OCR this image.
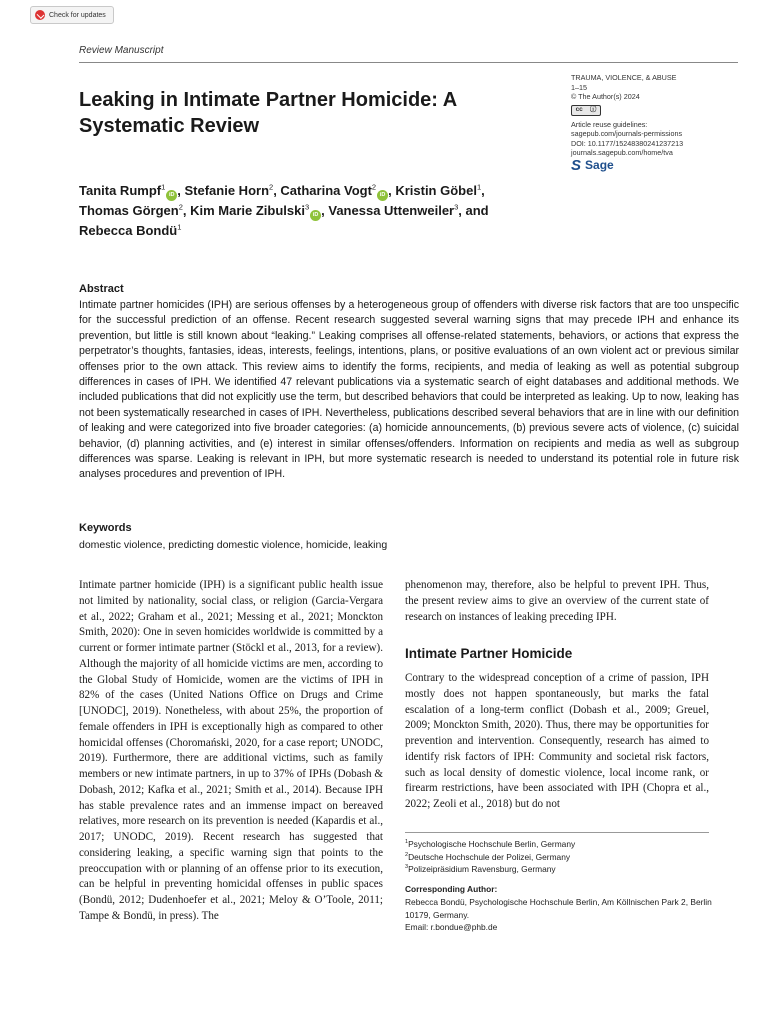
Check for updates
Review Manuscript
Leaking in Intimate Partner Homicide: A Systematic Review
TRAUMA, VIOLENCE, & ABUSE
1–15
© The Author(s) 2024
cc ⓘ
Article reuse guidelines:
sagepub.com/journals-permissions
DOI: 10.1177/15248380241237213
journals.sagepub.com/home/tva
S Sage
Tanita Rumpf$^1$iD , Stefanie Horn$^2$, Catharina Vogt$^2$iD , Kristin Göbel$^1$, Thomas Görgen$^2$, Kim Marie Zibulski$^3$iD , Vanessa Uttenweiler$^3$, and Rebecca Bondü$^1$
Abstract

Intimate partner homicides (IPH) are serious offenses by a heterogeneous group of offenders with diverse risk factors that are too unspecific for the successful prediction of an offense. Recent research suggested several warning signs that may precede IPH and enhance its prevention, but little is still known about “leaking.” Leaking comprises all offense-related statements, behaviors, or actions that express the perpetrator’s thoughts, fantasies, ideas, interests, feelings, intentions, plans, or positive evaluations of an own violent act or previous similar offenses prior to the own attack. This review aims to identify the forms, recipients, and media of leaking as well as potential subgroup differences in cases of IPH. We identified 47 relevant publications via a systematic search of eight databases and additional methods. We included publications that did not explicitly use the term, but described behaviors that could be interpreted as leaking. Up to now, leaking has not been systematically researched in cases of IPH. Nevertheless, publications described several behaviors that are in line with our definition of leaking and were categorized into five broader categories: (a) homicide announcements, (b) previous severe acts of violence, (c) suicidal behavior, (d) planning activities, and (e) interest in similar offenses/offenders. Information on recipients and media as well as subgroup differences was sparse. Leaking is relevant in IPH, but more systematic research is needed to understand its potential role in future risk analyses procedures and prevention of IPH.

Keywords
domestic violence, predicting domestic violence, homicide, leaking

Intimate partner homicide (IPH) is a significant public health issue not limited by nationality, social class, or religion (Garcia-Vergara et al., 2022; Graham et al., 2021; Messing et al., 2021; Monckton Smith, 2020): One in seven homicides worldwide is committed by a current or former intimate partner (Stöckl et al., 2013, for a review). Although the majority of all homicide victims are men, according to the Global Study of Homicide, women are the victims of IPH in 82% of the cases (United Nations Office on Drugs and Crime [UNODC], 2019). Nonetheless, with about 25%, the proportion of female offenders in IPH is exceptionally high as compared to other homicidal offenses (Choromański, 2020, for a case report; UNODC, 2019). Furthermore, there are additional victims, such as family members or new intimate partners, in up to 37% of IPHs (Dobash & Dobash, 2012; Kafka et al., 2021; Smith et al., 2014). Because IPH has stable prevalence rates and an immense impact on bereaved relatives, more research on its prevention is needed (Kapardis et al., 2017; UNODC, 2019). Recent research has suggested that considering leaking, a specific warning sign that points to the preoccupation with or planning of an offense prior to its execution, can be helpful in preventing homicidal offenses in public spaces (Bondü, 2012; Dudenhoefer et al., 2021; Meloy & O’Toole, 2011; Tampe & Bondü, in press). The

phenomenon may, therefore, also be helpful to prevent IPH. Thus, the present review aims to give an overview of the current state of research on instances of leaking preceding IPH.

Intimate Partner Homicide

Contrary to the widespread conception of a crime of passion, IPH mostly does not happen spontaneously, but marks the fatal escalation of a long-term conflict (Dobash et al., 2009; Greuel, 2009; Monckton Smith, 2020). Thus, there may be opportunities for prevention and intervention. Consequently, research has aimed to identify risk factors of IPH: Community and societal risk factors, such as local density of domestic violence, local income rank, or firearm restrictions, have been associated with IPH (Chopra et al., 2022; Zeoli et al., 2018) but do not

$^1$Psychologische Hochschule Berlin, Germany
$^2$Deutsche Hochschule der Polizei, Germany
$^3$Polizeipräsidium Ravensburg, Germany
Corresponding Author:
Rebecca Bondü, Psychologische Hochschule Berlin, Am Köllnischen Park 2, Berlin 10179, Germany.
Email: r.bondue@phb.de
